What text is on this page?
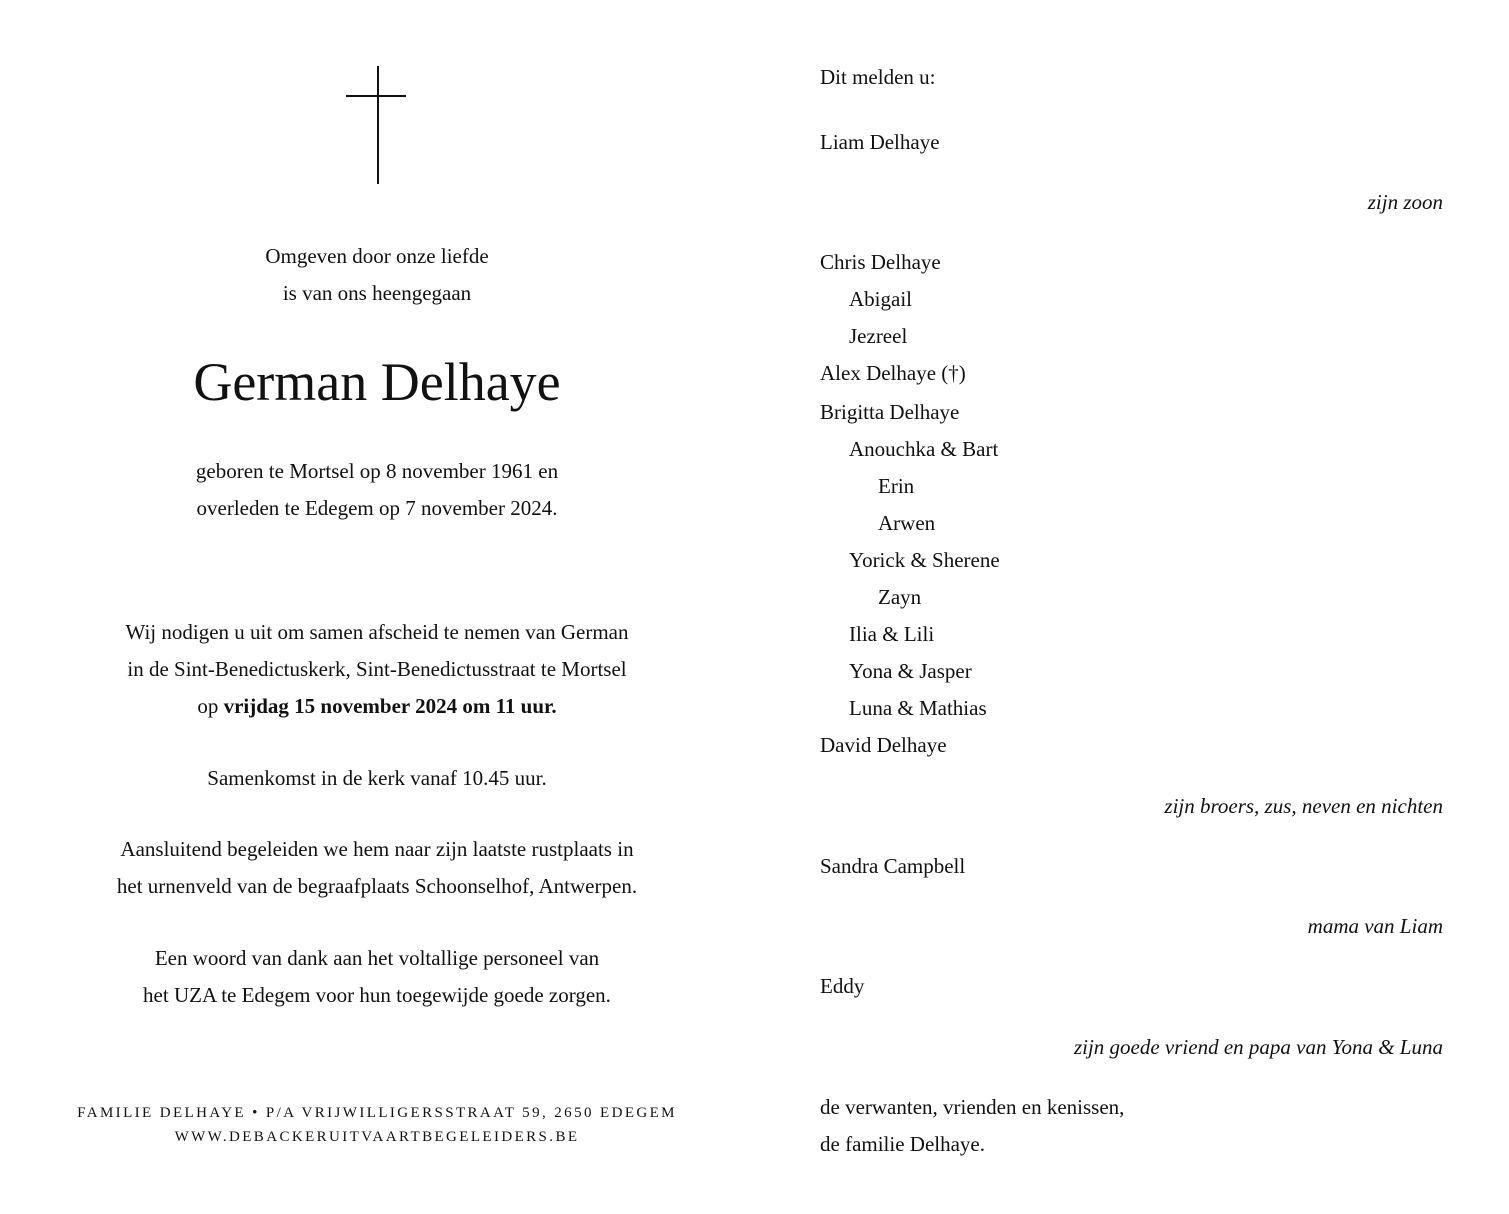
Omgeven door onze liefde
is van ons heengegaan
German Delhaye
geboren te Mortsel op 8 november 1961 en
overleden te Edegem op 7 november 2024.
Wij nodigen u uit om samen afscheid te nemen van German
in de Sint-Benedictuskerk, Sint-Benedictusstraat te Mortsel
op vrijdag 15 november 2024 om 11 uur.
Samenkomst in de kerk vanaf 10.45 uur.
Aansluitend begeleiden we hem naar zijn laatste rustplaats in
het urnenveld van de begraafplaats Schoonselhof, Antwerpen.
Een woord van dank aan het voltallige personeel van
het UZA te Edegem voor hun toegewijde goede zorgen.
FAMILIE DELHAYE • P/A VRIJWILLIGERSSTRAAT 59, 2650 EDEGEM
WWW.DEBACKERUITVAARTBEGELEIDERS.BE
Dit melden u:
Liam Delhaye
zijn zoon
Chris Delhaye
Abigail
Jezreel
Alex Delhaye (†)
Brigitta Delhaye
Anouchka & Bart
Erin
Arwen
Yorick & Sherene
Zayn
Ilia & Lili
Yona & Jasper
Luna & Mathias
David Delhaye
zijn broers, zus, neven en nichten
Sandra Campbell
mama van Liam
Eddy
zijn goede vriend en papa van Yona & Luna
de verwanten, vrienden en kenissen,
de familie Delhaye.
